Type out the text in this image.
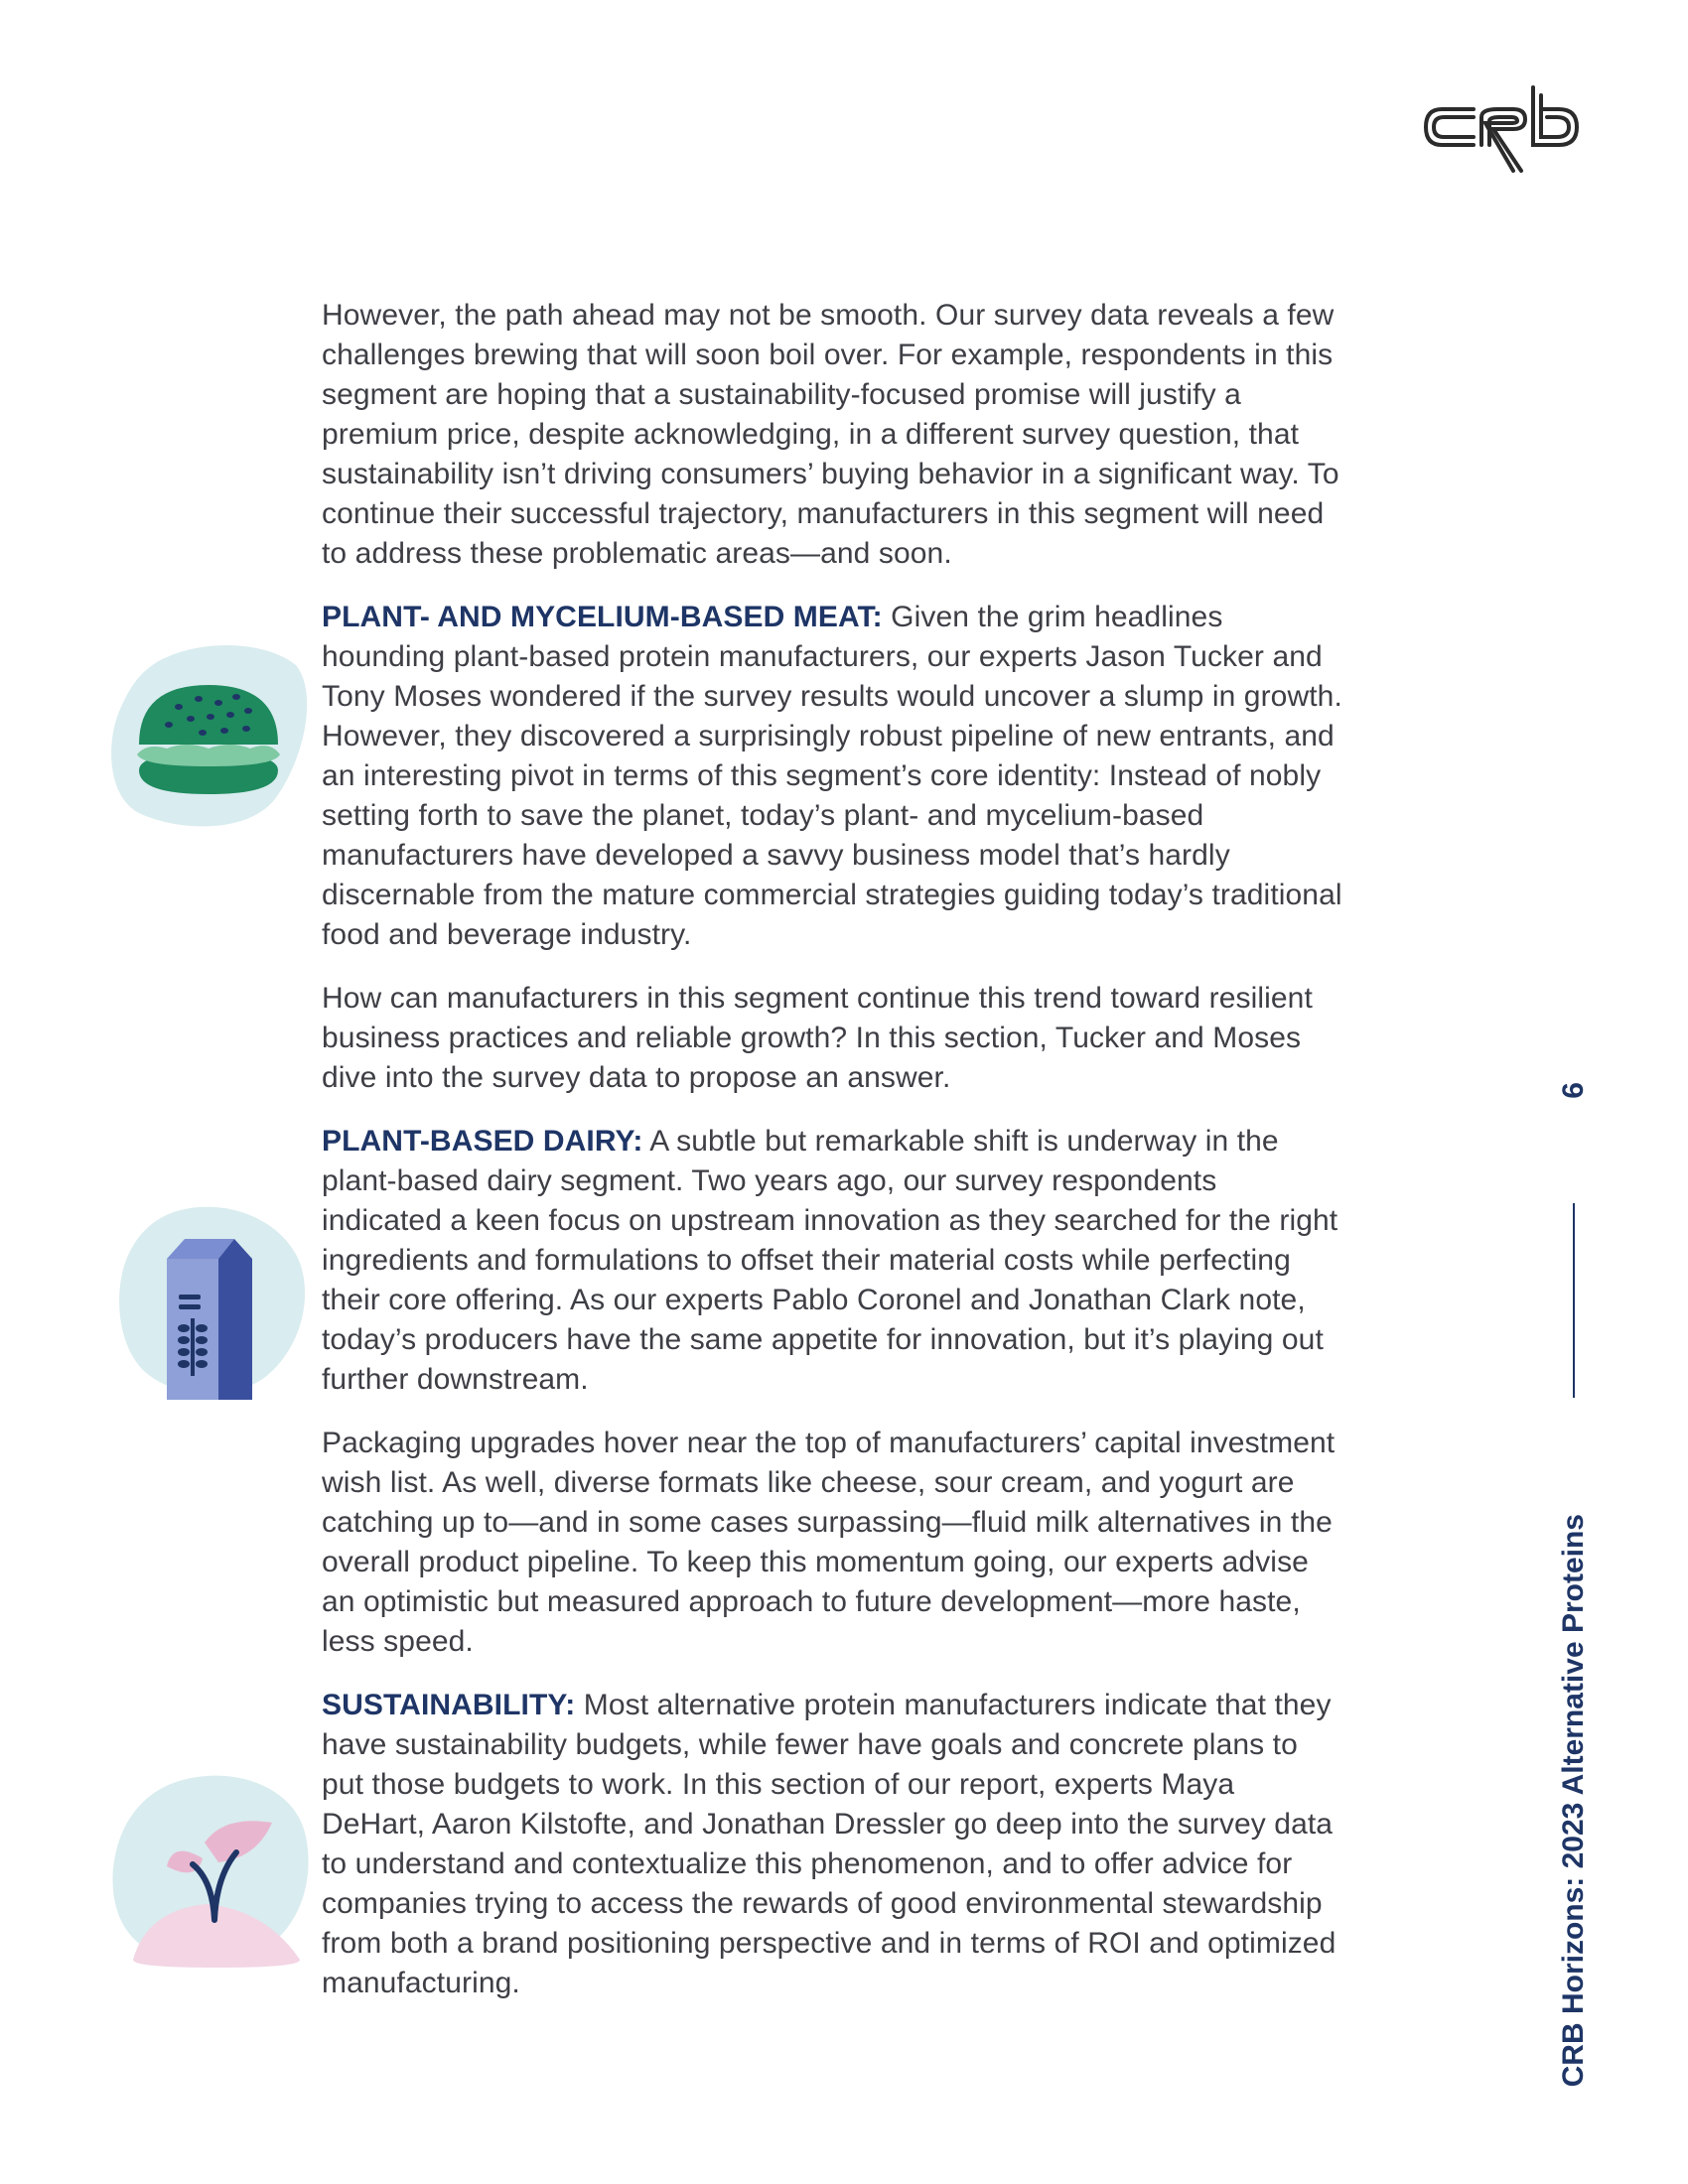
However, the path ahead may not be smooth. Our survey data reveals a few challenges brewing that will soon boil over. For example, respondents in this segment are hoping that a sustainability-focused promise will justify a premium price, despite acknowledging, in a different survey question, that sustainability isn’t driving consumers’ buying behavior in a significant way. To continue their successful trajectory, manufacturers in this segment will need to address these problematic areas—and soon.

PLANT- AND MYCELIUM-BASED MEAT: Given the grim headlines hounding plant-based protein manufacturers, our experts Jason Tucker and Tony Moses wondered if the survey results would uncover a slump in growth. However, they discovered a surprisingly robust pipeline of new entrants, and an interesting pivot in terms of this segment’s core identity: Instead of nobly setting forth to save the planet, today’s plant- and mycelium-based manufacturers have developed a savvy business model that’s hardly discernable from the mature commercial strategies guiding today’s traditional food and beverage industry.

How can manufacturers in this segment continue this trend toward resilient business practices and reliable growth? In this section, Tucker and Moses dive into the survey data to propose an answer.

PLANT-BASED DAIRY: A subtle but remarkable shift is underway in the plant-based dairy segment. Two years ago, our survey respondents indicated a keen focus on upstream innovation as they searched for the right ingredients and formulations to offset their material costs while perfecting their core offering. As our experts Pablo Coronel and Jonathan Clark note, today’s producers have the same appetite for innovation, but it’s playing out further downstream.

Packaging upgrades hover near the top of manufacturers’ capital investment wish list. As well, diverse formats like cheese, sour cream, and yogurt are catching up to—and in some cases surpassing—fluid milk alternatives in the overall product pipeline. To keep this momentum going, our experts advise an optimistic but measured approach to future development—more haste, less speed.

SUSTAINABILITY: Most alternative protein manufacturers indicate that they have sustainability budgets, while fewer have goals and concrete plans to put those budgets to work. In this section of our report, experts Maya DeHart, Aaron Kilstofte, and Jonathan Dressler go deep into the survey data to understand and contextualize this phenomenon, and to offer advice for companies trying to access the rewards of good environmental stewardship from both a brand positioning perspective and in terms of ROI and optimized manufacturing.

6
CRB Horizons: 2023 Alternative Proteins
